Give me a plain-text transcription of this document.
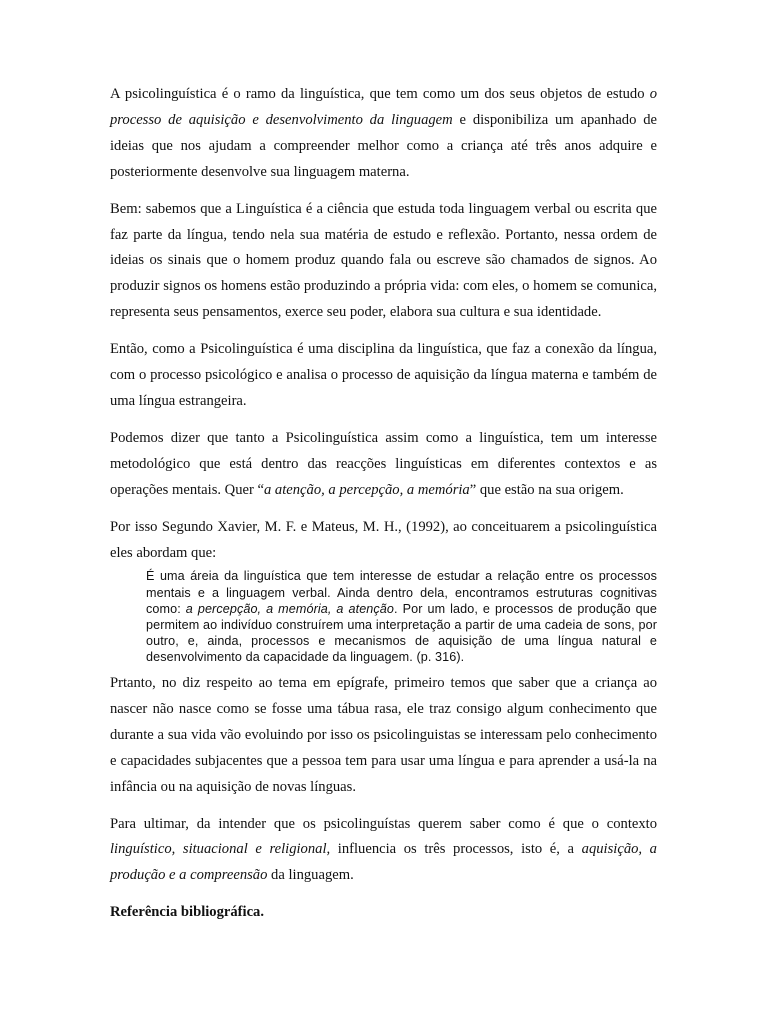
A psicolinguística é o ramo da linguística, que tem como um dos seus objetos de estudo o processo de aquisição e desenvolvimento da linguagem e disponibiliza um apanhado de ideias que nos ajudam a compreender melhor como a criança até três anos adquire e posteriormente desenvolve sua linguagem materna.

Bem: sabemos que a Linguística é a ciência que estuda toda linguagem verbal ou escrita que faz parte da língua, tendo nela sua matéria de estudo e reflexão. Portanto, nessa ordem de ideias os sinais que o homem produz quando fala ou escreve são chamados de signos. Ao produzir signos os homens estão produzindo a própria vida: com eles, o homem se comunica, representa seus pensamentos, exerce seu poder, elabora sua cultura e sua identidade.

Então, como a Psicolinguística é uma disciplina da linguística, que faz a conexão da língua, com o processo psicológico e analisa o processo de aquisição da língua materna e também de uma língua estrangeira.

Podemos dizer que tanto a Psicolinguística assim como a linguística, tem um interesse metodológico que está dentro das reacções linguísticas em diferentes contextos e as operações mentais. Quer “a atenção, a percepção, a memória” que estão na sua origem.

Por isso Segundo Xavier, M. F. e Mateus, M. H., (1992), ao conceituarem a psicolinguística eles abordam que:

É uma áreia da linguística que tem interesse de estudar a relação entre os processos mentais e a linguagem verbal. Ainda dentro dela, encontramos estruturas cognitivas como: a percepção, a memória, a atenção. Por um lado, e processos de produção que permitem ao indivíduo construírem uma interpretação a partir de uma cadeia de sons, por outro, e, ainda, processos e mecanismos de aquisição de uma língua natural e desenvolvimento da capacidade da linguagem. (p. 316).

Prtanto, no diz respeito ao tema em epígrafe, primeiro temos que saber que a criança ao nascer não nasce como se fosse uma tábua rasa, ele traz consigo algum conhecimento que durante a sua vida vão evoluindo por isso os psicolinguistas se interessam pelo conhecimento e capacidades subjacentes que a pessoa tem para usar uma língua e para aprender a usá-la na infância ou na aquisição de novas línguas.

Para ultimar, da intender que os psicolinguístas querem saber como é que o contexto linguístico, situacional e religional, influencia os três processos, isto é, a aquisição, a produção e a compreensão da linguagem.

Referência bibliográfica.
